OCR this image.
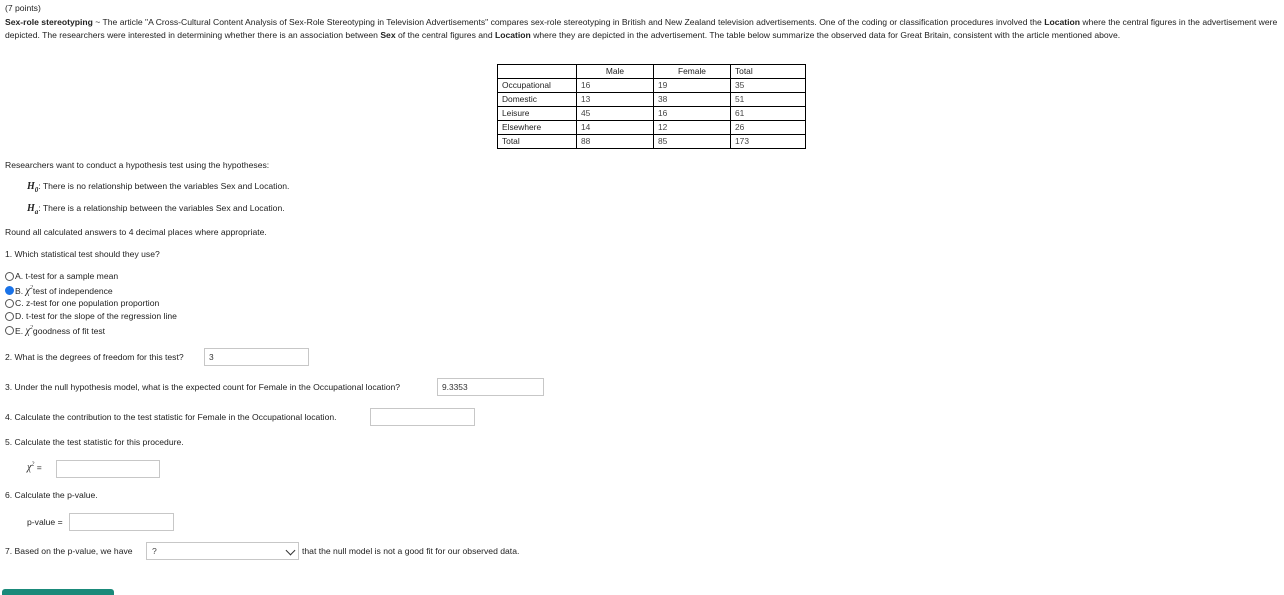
(7 points)
Sex-role stereotyping ~ The article "A Cross-Cultural Content Analysis of Sex-Role Stereotyping in Television Advertisements" compares sex-role stereotyping in British and New Zealand television advertisements. One of the coding or classification procedures involved the Location where the central figures in the advertisement were depicted. The researchers were interested in determining whether there is an association between Sex of the central figures and Location where they are depicted in the advertisement. The table below summarize the observed data for Great Britain, consistent with the article mentioned above.
	Male	Female	Total
Occupational	16	19	35
Domestic	13	38	51
Leisure	45	16	61
Elsewhere	14	12	26
Total	88	85	173
Researchers want to conduct a hypothesis test using the hypotheses:
$H_0$: There is no relationship between the variables Sex and Location.
$H_a$: There is a relationship between the variables Sex and Location.
Round all calculated answers to 4 decimal places where appropriate.
1. Which statistical test should they use?
A.
t-test for a sample mean
B.
$\chi^2$ test of independence
C.
z-test for one population proportion
D.
t-test for the slope of the regression line
E.
$\chi^2$ goodness of fit test
2. What is the degrees of freedom for this test?
3
3. Under the null hypothesis model, what is the expected count for Female in the Occupational location?
9.3353
4. Calculate the contribution to the test statistic for Female in the Occupational location.
5. Calculate the test statistic for this procedure.
$\chi^2$ =
6. Calculate the p-value.
p-value =
7. Based on the p-value, we have ?	that the null model is not a good fit for our observed data.
